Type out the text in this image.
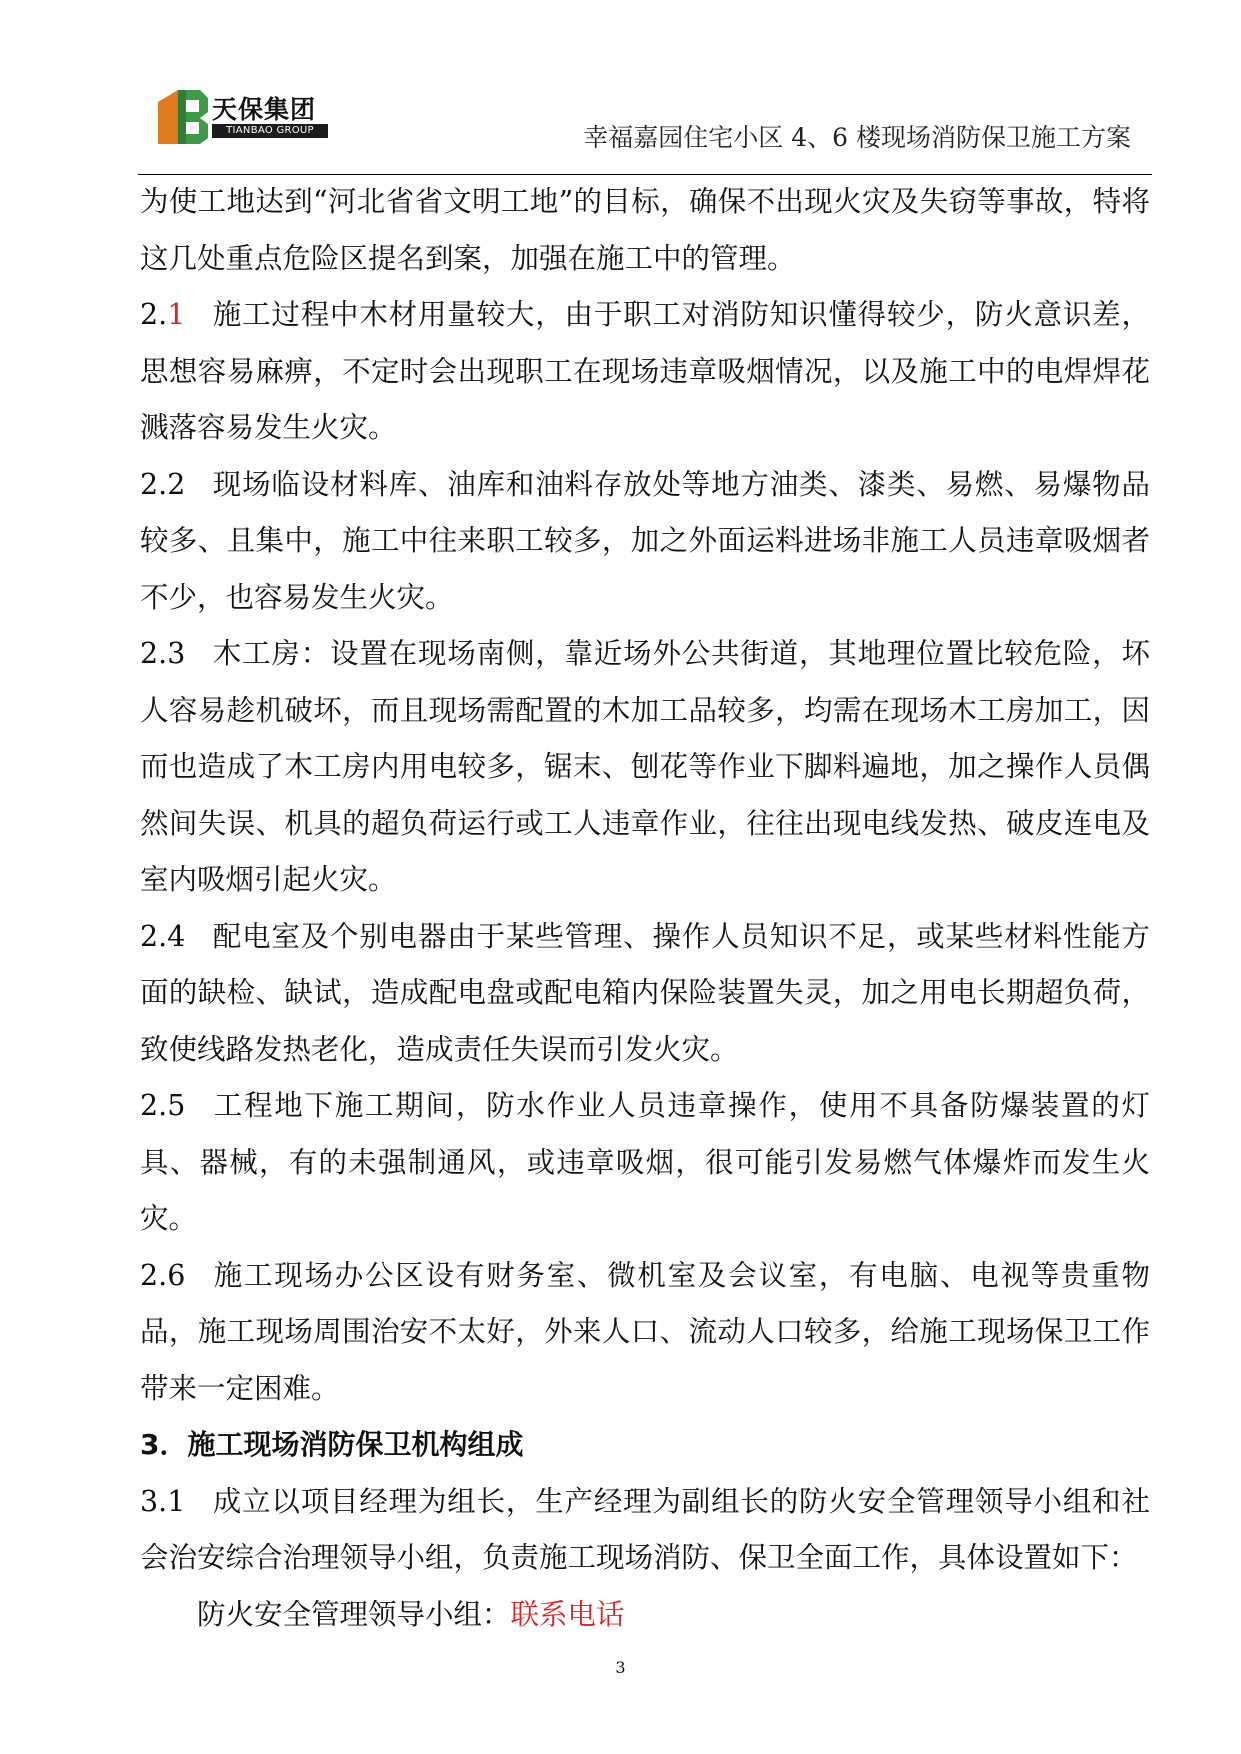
天保集团
TIANBAO GROUP	幸福嘉园住宅小区 4、6 楼现场消防保卫施工方案

为使工地达到“河北省省文明工地”的目标，确保不出现火灾及失窃等事故，特将这几处重点危险区提名到案，加强在施工中的管理。

2.1 施工过程中木材用量较大，由于职工对消防知识懂得较少，防火意识差，思想容易麻痹，不定时会出现职工在现场违章吸烟情况，以及施工中的电焊焊花溅落容易发生火灾。

2.2 现场临设材料库、油库和油料存放处等地方油类、漆类、易燃、易爆物品较多、且集中，施工中往来职工较多，加之外面运料进场非施工人员违章吸烟者不少，也容易发生火灾。

2.3 木工房：设置在现场南侧，靠近场外公共街道，其地理位置比较危险，坏人容易趁机破坏，而且现场需配置的木加工品较多，均需在现场木工房加工，因而也造成了木工房内用电较多，锯末、刨花等作业下脚料遍地，加之操作人员偶然间失误、机具的超负荷运行或工人违章作业，往往出现电线发热、破皮连电及室内吸烟引起火灾。

2.4 配电室及个别电器由于某些管理、操作人员知识不足，或某些材料性能方面的缺检、缺试，造成配电盘或配电箱内保险装置失灵，加之用电长期超负荷，致使线路发热老化，造成责任失误而引发火灾。

2.5 工程地下施工期间，防水作业人员违章操作，使用不具备防爆装置的灯具、器械，有的未强制通风，或违章吸烟，很可能引发易燃气体爆炸而发生火灾。

2.6 施工现场办公区设有财务室、微机室及会议室，有电脑、电视等贵重物品，施工现场周围治安不太好，外来人口、流动人口较多，给施工现场保卫工作带来一定困难。

3．施工现场消防保卫机构组成

3.1 成立以项目经理为组长，生产经理为副组长的防火安全管理领导小组和社会治安综合治理领导小组，负责施工现场消防、保卫全面工作，具体设置如下：

防火安全管理领导小组：联系电话

3
